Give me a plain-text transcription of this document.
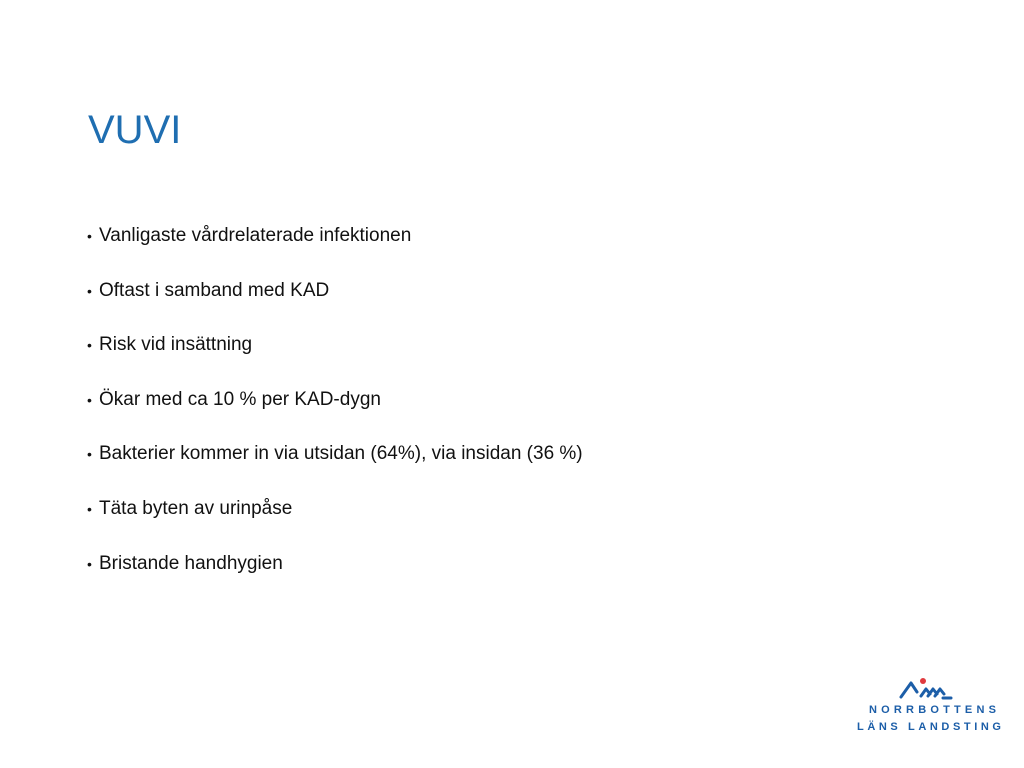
VUVI
• Vanligaste vårdrelaterade infektionen
• Oftast i samband med KAD
• Risk vid insättning
• Ökar med ca 10 % per KAD-dygn
• Bakterier kommer in via utsidan (64%), via insidan (36 %)
• Täta byten av urinpåse
• Bristande handhygien
NORRBOTTENS
LÄNS LANDSTING
